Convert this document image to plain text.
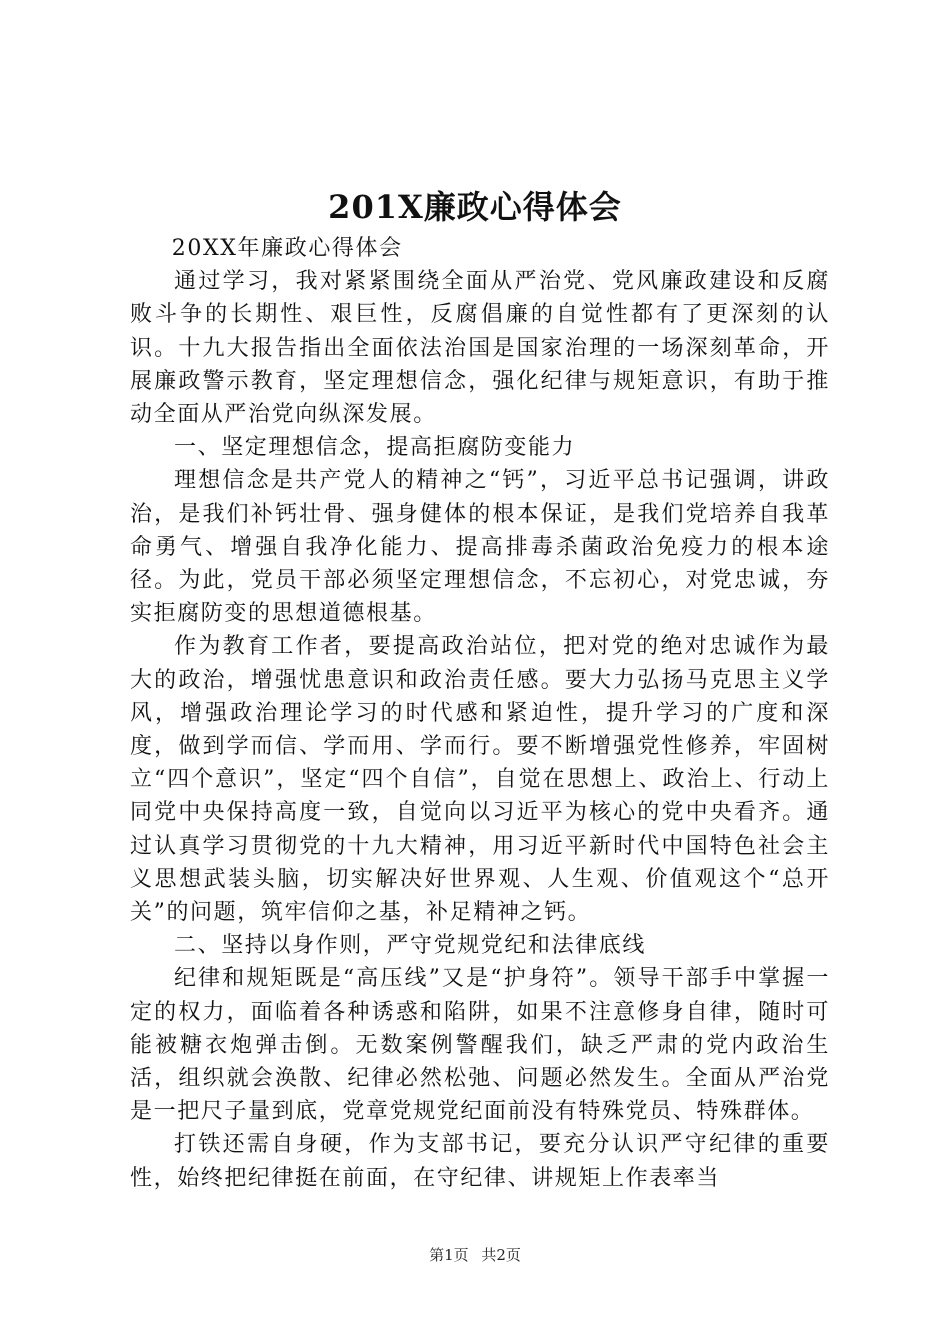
201X廉政心得体会

20XX年廉政心得体会

通过学习，我对紧紧围绕全面从严治党、党风廉政建设和反腐败斗争的长期性、艰巨性，反腐倡廉的自觉性都有了更深刻的认识。十九大报告指出全面依法治国是国家治理的一场深刻革命，开展廉政警示教育，坚定理想信念，强化纪律与规矩意识，有助于推动全面从严治党向纵深发展。

一、坚定理想信念，提高拒腐防变能力

理想信念是共产党人的精神之“钙”，习近平总书记强调，讲政治，是我们补钙壮骨、强身健体的根本保证，是我们党培养自我革命勇气、增强自我净化能力、提高排毒杀菌政治免疫力的根本途径。为此，党员干部必须坚定理想信念，不忘初心，对党忠诚，夯实拒腐防变的思想道德根基。

作为教育工作者，要提高政治站位，把对党的绝对忠诚作为最大的政治，增强忧患意识和政治责任感。要大力弘扬马克思主义学风，增强政治理论学习的时代感和紧迫性，提升学习的广度和深度，做到学而信、学而用、学而行。要不断增强党性修养，牢固树立“四个意识”，坚定“四个自信”，自觉在思想上、政治上、行动上同党中央保持高度一致，自觉向以习近平为核心的党中央看齐。通过认真学习贯彻党的十九大精神，用习近平新时代中国特色社会主义思想武装头脑，切实解决好世界观、人生观、价值观这个“总开关”的问题，筑牢信仰之基，补足精神之钙。

二、坚持以身作则，严守党规党纪和法律底线

纪律和规矩既是“高压线”又是“护身符”。领导干部手中掌握一定的权力，面临着各种诱惑和陷阱，如果不注意修身自律，随时可能被糖衣炮弹击倒。无数案例警醒我们，缺乏严肃的党内政治生活，组织就会涣散、纪律必然松弛、问题必然发生。全面从严治党是一把尺子量到底，党章党规党纪面前没有特殊党员、特殊群体。

打铁还需自身硬，作为支部书记，要充分认识严守纪律的重要性，始终把纪律挺在前面，在守纪律、讲规矩上作表率当

第1页 共2页
